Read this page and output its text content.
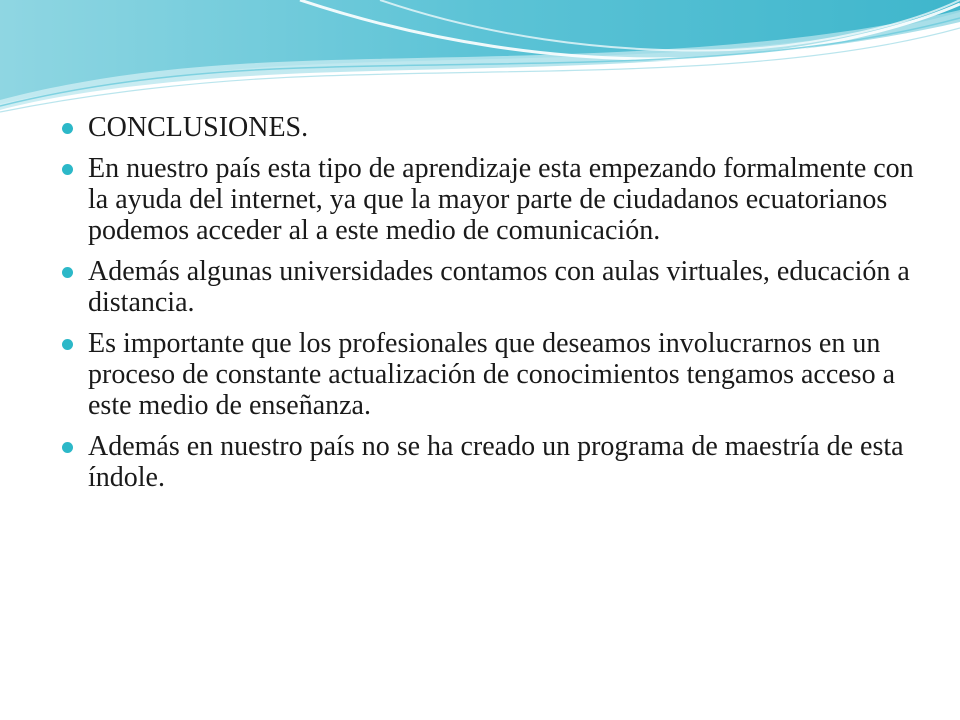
CONCLUSIONES.
En nuestro país esta tipo de aprendizaje esta empezando formalmente con la ayuda del internet, ya que la mayor parte de ciudadanos ecuatorianos podemos acceder al a este medio de comunicación.
Además algunas universidades contamos con aulas virtuales, educación a distancia.
Es importante que los profesionales que deseamos involucrarnos en un proceso de constante actualización de conocimientos tengamos acceso a este medio de enseñanza.
Además en nuestro país no se ha creado un programa de maestría de esta índole.
